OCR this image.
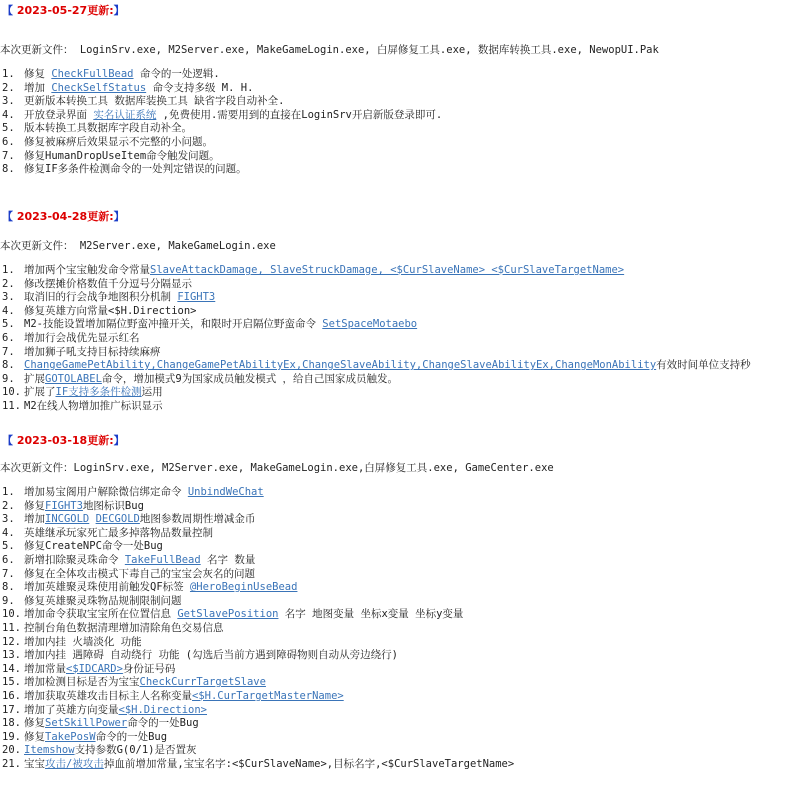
【 2023-05-27更新:】
本次更新文件： LoginSrv.exe, M2Server.exe, MakeGameLogin.exe, 白屏修复工具.exe, 数据库转换工具.exe, NewopUI.Pak
1. 修复 CheckFullBead 命令的一处逻辑.
2. 增加 CheckSelfStatus 命令支持多级 M. H.
3. 更新版本转换工具 数据库装换工具 缺省字段自动补全.
4. 开放登录界面 实名认证系统 ,免费使用.需要用到的直接在LoginSrv开启新版登录即可.
5. 版本转换工具数据库字段自动补全。
6. 修复被麻痹后效果显示不完整的小问题。
7. 修复HumanDropUseItem命令触发问题。
8. 修复IF多条件检测命令的一处判定错误的问题。
【 2023-04-28更新:】
本次更新文件： M2Server.exe, MakeGameLogin.exe
1. 增加两个宝宝触发命令常量SlaveAttackDamage, SlaveStruckDamage, <$CurSlaveName> <$CurSlaveTargetName>
2. 修改摆摊价格数值千分逗号分隔显示
3. 取消旧的行会战争地图积分机制 FIGHT3
4. 修复英雄方向常量<$H.Direction>
5. M2-技能设置增加隔位野蛮冲撞开关，和限时开启隔位野蛮命令 SetSpaceMotaebo
6. 增加行会战优先显示红名
7. 增加狮子吼支持目标持续麻痹
8. ChangeGamePetAbility,ChangeGamePetAbilityEx,ChangeSlaveAbility,ChangeSlaveAbilityEx,ChangeMonAbility有效时间单位支持秒
9. 扩展GOTOLABEL命令，增加模式9为国家成员触发模式 ，给自己国家成员触发。
10. 扩展了IF支持多条件检测运用
11. M2在线人物增加推广标识显示
【 2023-03-18更新:】
本次更新文件：LoginSrv.exe, M2Server.exe, MakeGameLogin.exe,白屏修复工具.exe, GameCenter.exe
1. 增加易宝阁用户解除微信绑定命令 UnbindWeChat
2. 修复FIGHT3地图标识Bug
3. 增加INCGOLD DECGOLD地图参数周期性增减金币
4. 英雄继承玩家死亡最多掉落物品数量控制
5. 修复CreateNPC命令一处Bug
6. 新增扣除聚灵珠命令 TakeFullBead 名字 数量
7. 修复在全体攻击模式下毒自己的宝宝会灰名的问题
8. 增加英雄聚灵珠使用前触发QF标签 @HeroBeginUseBead
9. 修复英雄聚灵珠物品规制限制问题
10. 增加命令获取宝宝所在位置信息 GetSlavePosition 名字 地图变量 坐标x变量 坐标y变量
11. 控制台角色数据清理增加清除角色交易信息
12. 增加内挂 火墙淡化 功能
13. 增加内挂 遇障碍 自动绕行 功能 (勾选后当前方遇到障碍物则自动从旁边绕行)
14. 增加常量<$IDCARD>身份证号码
15. 增加检测目标是否为宝宝CheckCurrTargetSlave
16. 增加获取英雄攻击目标主人名称变量<$H.CurTargetMasterName>
17. 增加了英雄方向变量<$H.Direction>
18. 修复SetSkillPower命令的一处Bug
19. 修复TakePosW命令的一处Bug
20. Itemshow支持参数G(0/1)是否置灰
21. 宝宝攻击/被攻击掉血前增加常量,宝宝名字:<$CurSlaveName>,目标名字,<$CurSlaveTargetName>
